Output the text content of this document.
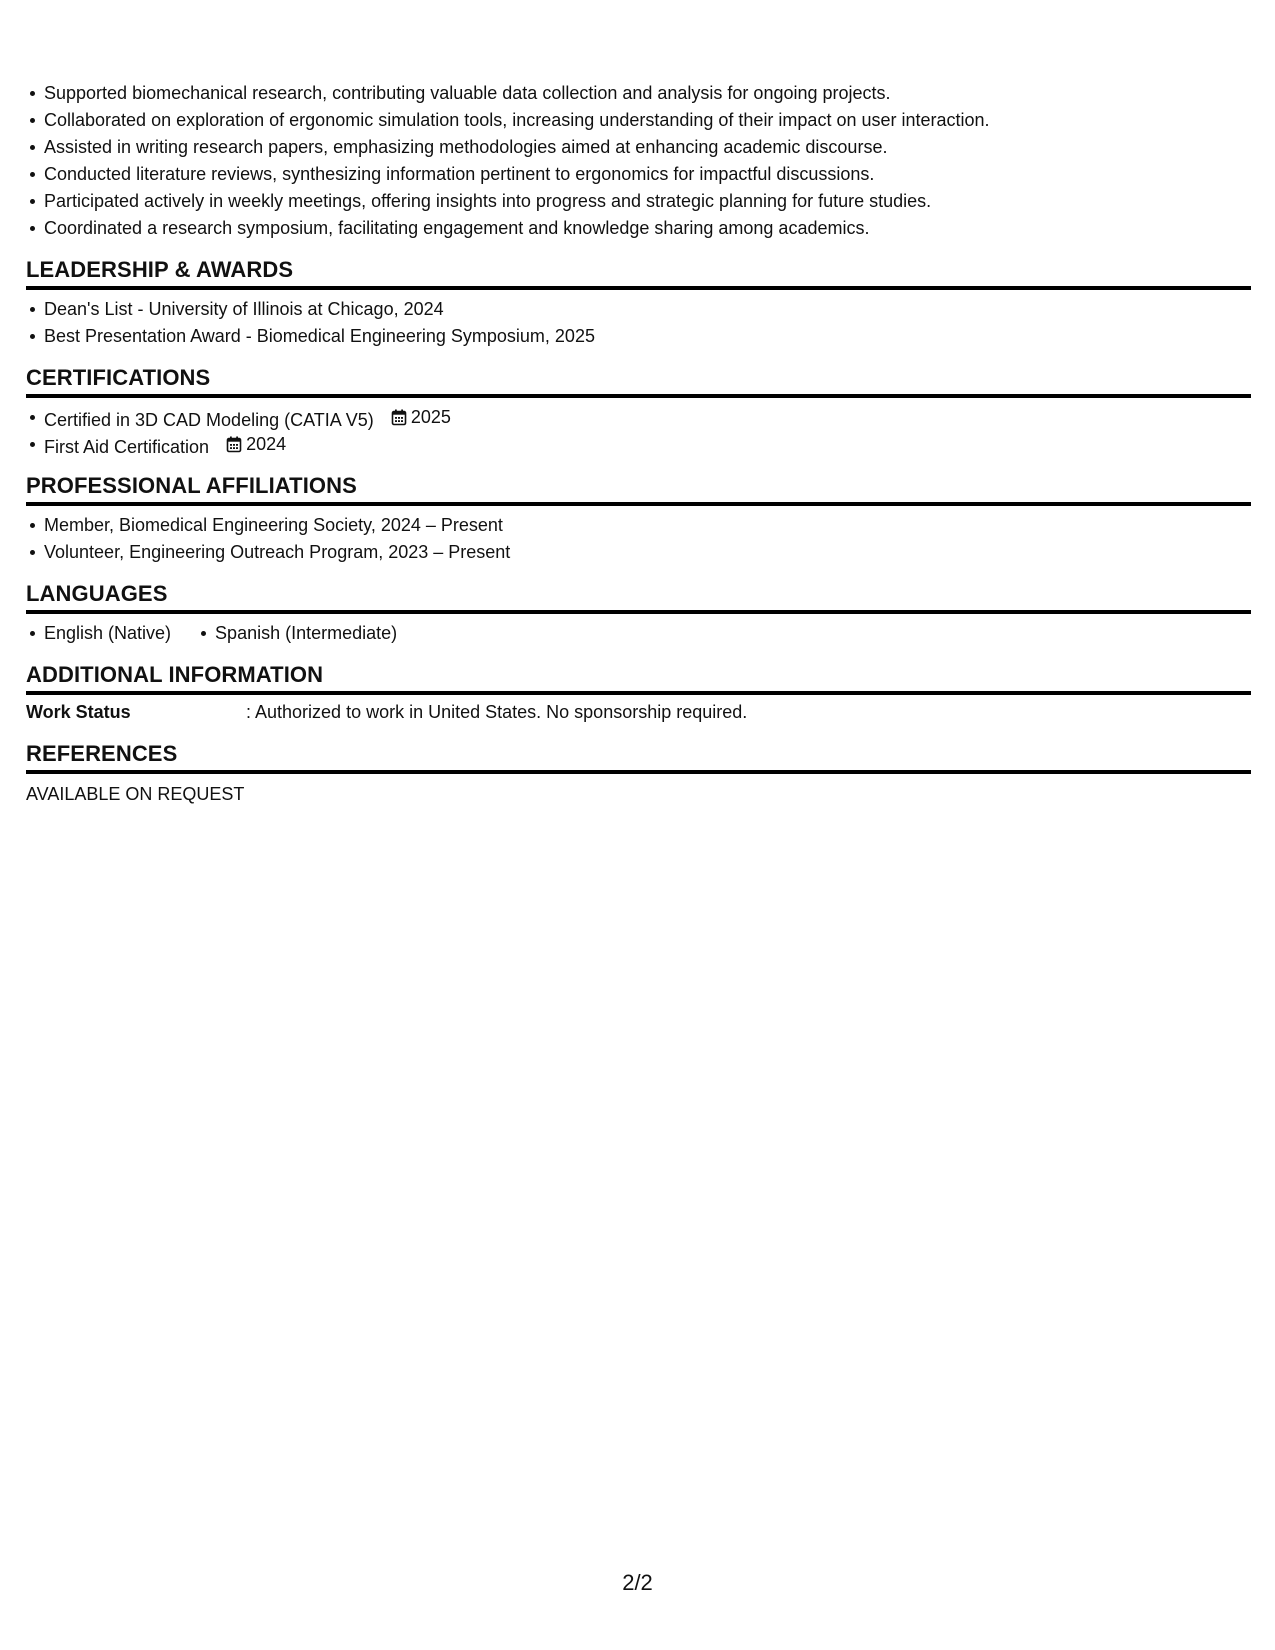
Supported biomechanical research, contributing valuable data collection and analysis for ongoing projects.
Collaborated on exploration of ergonomic simulation tools, increasing understanding of their impact on user interaction.
Assisted in writing research papers, emphasizing methodologies aimed at enhancing academic discourse.
Conducted literature reviews, synthesizing information pertinent to ergonomics for impactful discussions.
Participated actively in weekly meetings, offering insights into progress and strategic planning for future studies.
Coordinated a research symposium, facilitating engagement and knowledge sharing among academics.
LEADERSHIP & AWARDS
Dean's List - University of Illinois at Chicago, 2024
Best Presentation Award - Biomedical Engineering Symposium, 2025
CERTIFICATIONS
Certified in 3D CAD Modeling (CATIA V5) 2025
First Aid Certification 2024
PROFESSIONAL AFFILIATIONS
Member, Biomedical Engineering Society, 2024 – Present
Volunteer, Engineering Outreach Program, 2023 – Present
LANGUAGES
English (Native) Spanish (Intermediate)
ADDITIONAL INFORMATION
Work Status	: Authorized to work in United States. No sponsorship required.
REFERENCES
AVAILABLE ON REQUEST
2/2
